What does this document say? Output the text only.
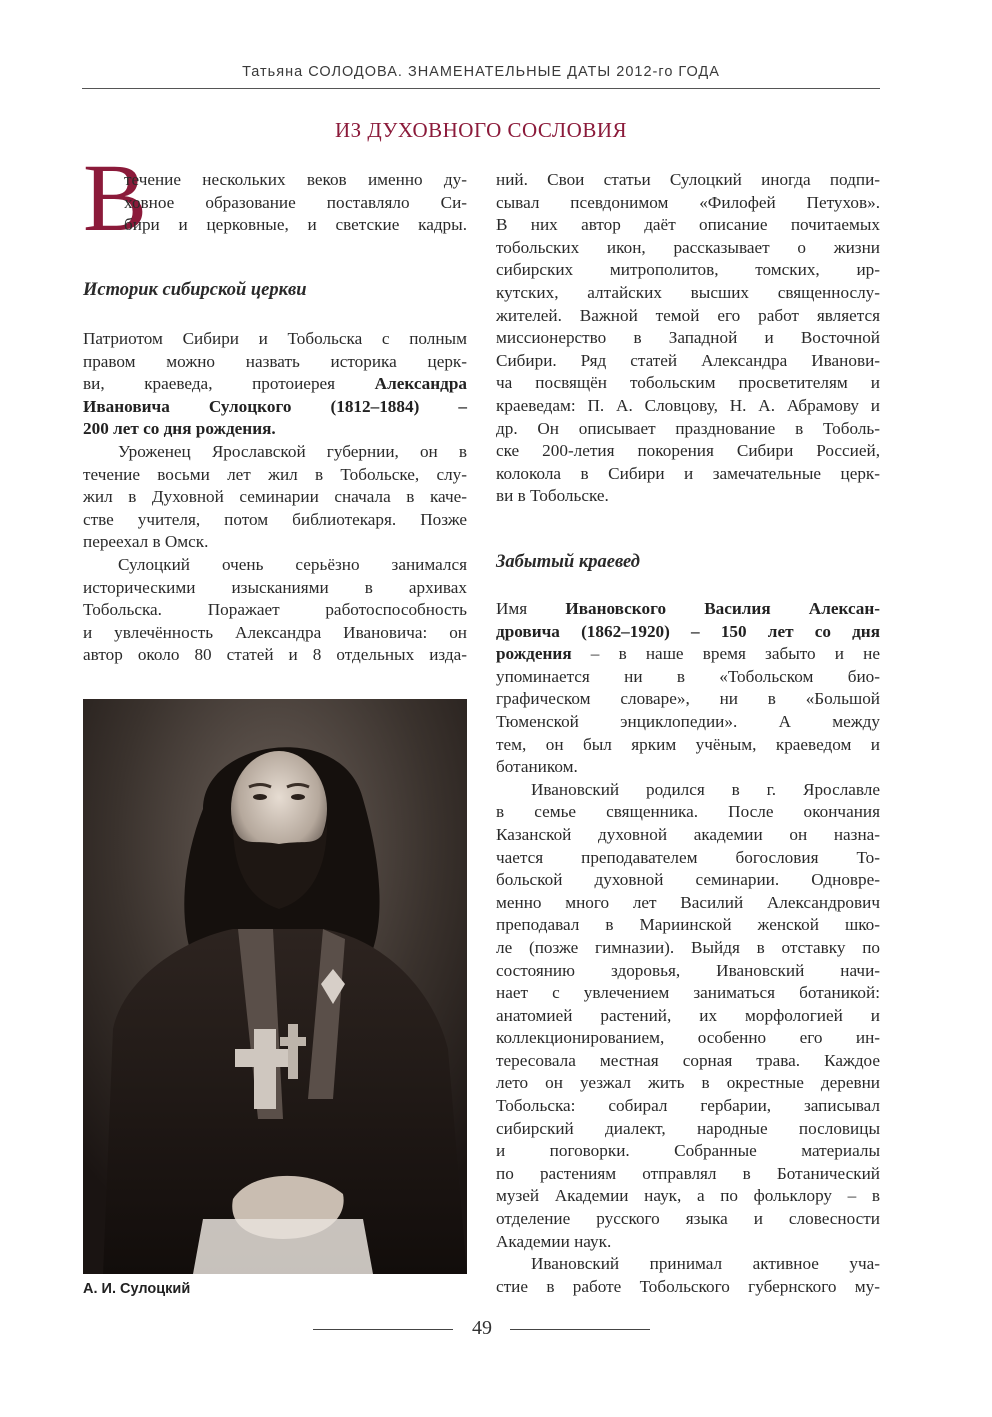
Татьяна СОЛОДОВА. ЗНАМЕНАТЕЛЬНЫЕ ДАТЫ 2012-го ГОДА
ИЗ ДУХОВНОГО СОСЛОВИЯ
В
течение нескольких веков именно ду-
ховное образование поставляло Си-
бири и церковные, и светские кадры.
Историк сибирской церкви
Патриотом Сибири и Тобольска с полным
правом можно назвать историка церк-
ви, краеведа, протоиерея Александра
Ивановича Сулоцкого (1812–1884) –
200 лет со дня рождения.
Уроженец Ярославской губернии, он в
течение восьми лет жил в Тобольске, слу-
жил в Духовной семинарии сначала в каче-
стве учителя, потом библиотекаря. Позже
переехал в Омск.
Сулоцкий очень серьёзно занимался
историческими изысканиями в архивах
Тобольска. Поражает работоспособность
и увлечённость Александра Ивановича: он
автор около 80 статей и 8 отдельных изда-
А. И. Сулоцкий
ний. Свои статьи Сулоцкий иногда подпи-
сывал псевдонимом «Филофей Петухов».
В них автор даёт описание почитаемых
тобольских икон, рассказывает о жизни
сибирских митрополитов, томских, ир-
кутских, алтайских высших священнослу-
жителей. Важной темой его работ является
миссионерство в Западной и Восточной
Сибири. Ряд статей Александра Иванови-
ча посвящён тобольским просветителям и
краеведам: П. А. Словцову, Н. А. Абрамову и
др. Он описывает празднование в Тоболь-
ске 200-летия покорения Сибири Россией,
колокола в Сибири и замечательные церк-
ви в Тобольске.
Забытый краевед
Имя Ивановского Василия Алексан-
дровича (1862–1920) – 150 лет со дня
рождения – в наше время забыто и не
упоминается ни в «Тобольском био-
графическом словаре», ни в «Большой
Тюменской энциклопедии». А между
тем, он был ярким учёным, краеведом и
ботаником.
Ивановский родился в г. Ярославле
в семье священника. После окончания
Казанской духовной академии он назна-
чается преподавателем богословия То-
больской духовной семинарии. Одновре-
менно много лет Василий Александрович
преподавал в Мариинской женской шко-
ле (позже гимназии). Выйдя в отставку по
состоянию здоровья, Ивановский начи-
нает с увлечением заниматься ботаникой:
анатомией растений, их морфологией и
коллекционированием, особенно его ин-
тересовала местная сорная трава. Каждое
лето он уезжал жить в окрестные деревни
Тобольска: собирал гербарии, записывал
сибирский диалект, народные пословицы
и поговорки. Собранные материалы
по растениям отправлял в Ботанический
музей Академии наук, а по фольклору – в
отделение русского языка и словесности
Академии наук.
Ивановский принимал активное уча-
стие в работе Тобольского губернского му-
49
